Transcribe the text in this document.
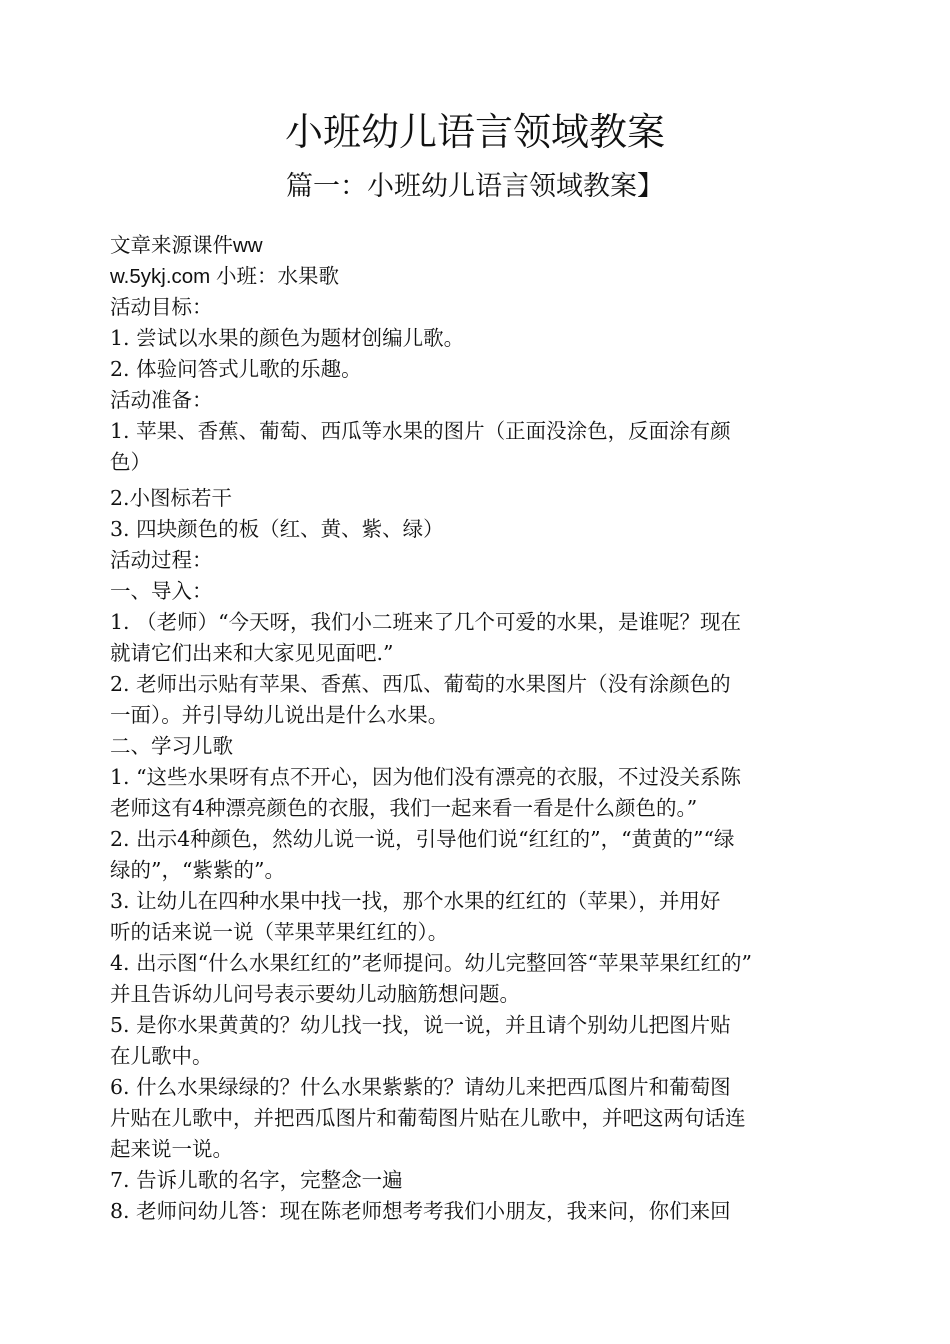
小班幼儿语言领域教案
篇一：小班幼儿语言领域教案】
文章来源课件ww
w.5ykj.com 小班：水果歌
活动目标：
1. 尝试以水果的颜色为题材创编儿歌。
2. 体验问答式儿歌的乐趣。
活动准备：
1. 苹果、香蕉、葡萄、西瓜等水果的图片（正面没涂色，反面涂有颜
色）
2.小图标若干
3. 四块颜色的板（红、黄、紫、绿）
活动过程：
一、导入：
1. （老师）“今天呀，我们小二班来了几个可爱的水果，是谁呢？现在
就请它们出来和大家见见面吧.”
2. 老师出示贴有苹果、香蕉、西瓜、葡萄的水果图片（没有涂颜色的
一面）。并引导幼儿说出是什么水果。
二、学习儿歌
1. “这些水果呀有点不开心，因为他们没有漂亮的衣服，不过没关系陈
老师这有4种漂亮颜色的衣服，我们一起来看一看是什么颜色的。”
2. 出示4种颜色，然幼儿说一说，引导他们说“红红的”，“黄黄的”“绿
绿的”，“紫紫的”。
3. 让幼儿在四种水果中找一找，那个水果的红红的（苹果），并用好
听的话来说一说（苹果苹果红红的）。
4. 出示图“什么水果红红的”老师提问。幼儿完整回答“苹果苹果红红的”
并且告诉幼儿问号表示要幼儿动脑筋想问题。
5. 是你水果黄黄的？幼儿找一找，说一说，并且请个别幼儿把图片贴
在儿歌中。
6. 什么水果绿绿的？什么水果紫紫的？请幼儿来把西瓜图片和葡萄图
片贴在儿歌中，并把西瓜图片和葡萄图片贴在儿歌中，并吧这两句话连
起来说一说。
7. 告诉儿歌的名字，完整念一遍
8. 老师问幼儿答：现在陈老师想考考我们小朋友，我来问，你们来回
